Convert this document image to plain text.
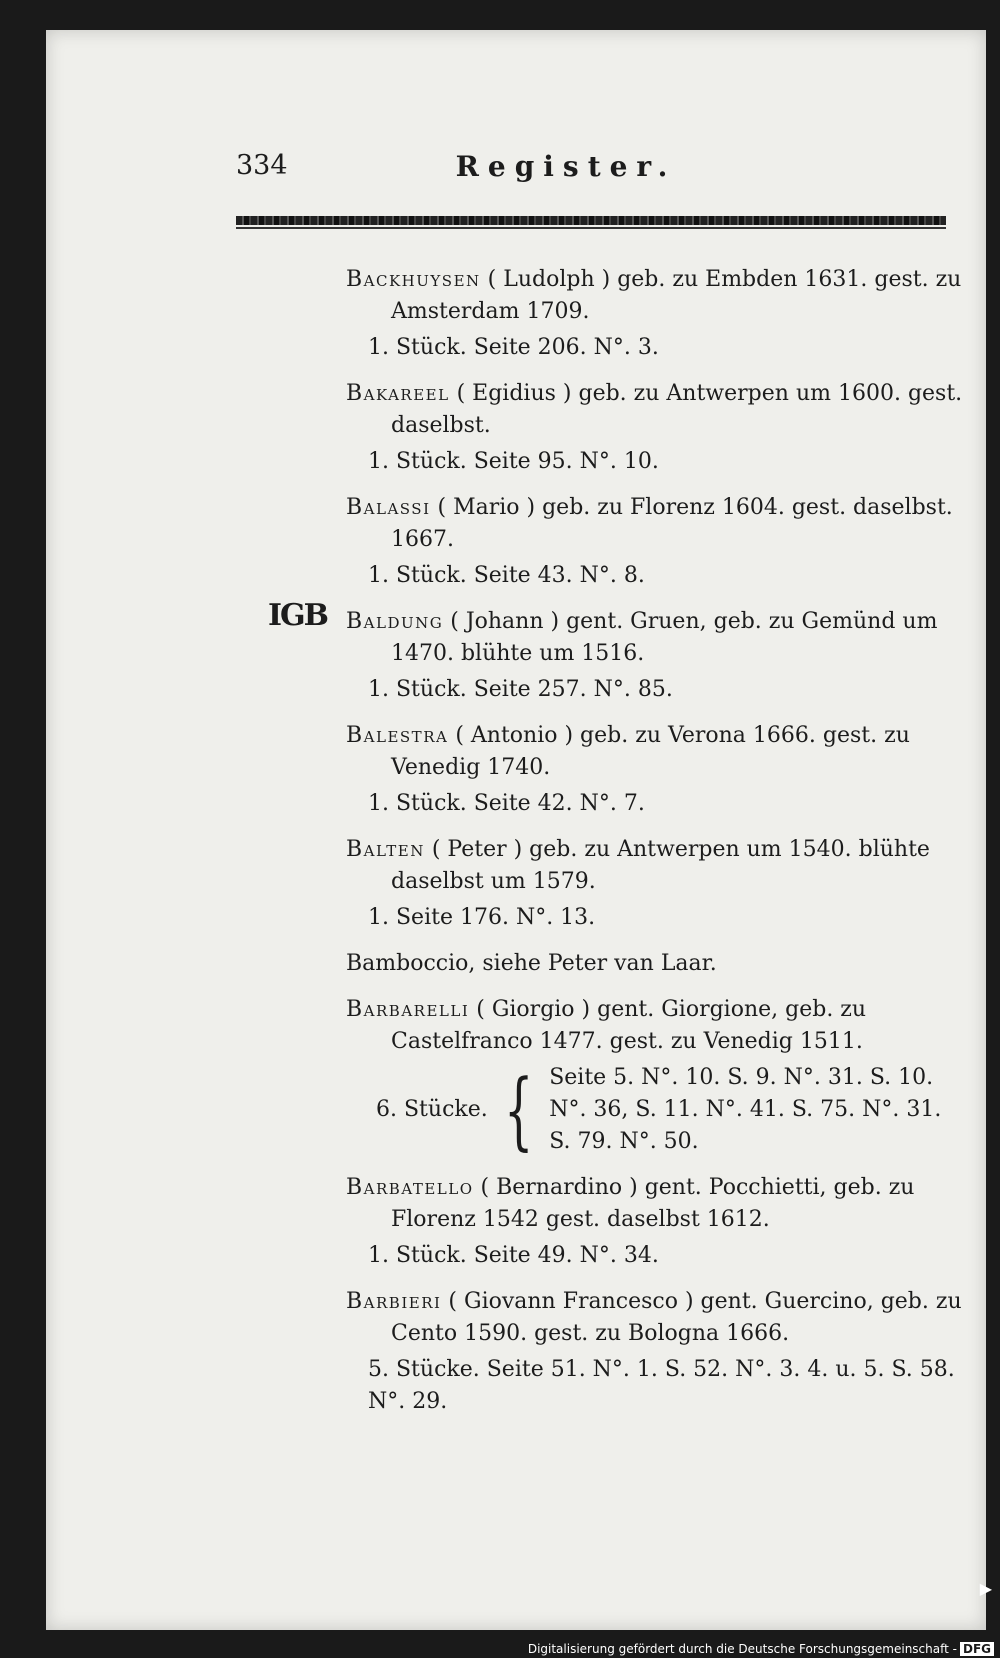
334	Register.
IGB

Backhuysen ( Ludolph ) geb. zu Embden 1631. gest. zu Amsterdam 1709.

1. Stück. Seite 206. N°. 3.

Bakareel ( Egidius ) geb. zu Antwerpen um 1600. gest. daselbst.

1. Stück. Seite 95. N°. 10.

Balassi ( Mario ) geb. zu Florenz 1604. gest. daselbst. 1667.

1. Stück. Seite 43. N°. 8.

Baldung ( Johann ) gent. Gruen, geb. zu Gemünd um 1470. blühte um 1516.

1. Stück. Seite 257. N°. 85.

Balestra ( Antonio ) geb. zu Verona 1666. gest. zu Venedig 1740.

1. Stück. Seite 42. N°. 7.

Balten ( Peter ) geb. zu Antwerpen um 1540. blühte daselbst um 1579.

1. Seite 176. N°. 13.

Bamboccio, siehe Peter van Laar.

Barbarelli ( Giorgio ) gent. Giorgione, geb. zu Castelfranco 1477. gest. zu Venedig 1511.

6. Stücke. { Seite 5. N°. 10. S. 9. N°. 31. S. 10.
N°. 36, S. 11. N°. 41. S. 75. N°. 31.
S. 79. N°. 50.

Barbatello ( Bernardino ) gent. Pocchietti, geb. zu Florenz 1542 gest. daselbst 1612.

1. Stück. Seite 49. N°. 34.

Barbieri ( Giovann Francesco ) gent. Guercino, geb. zu Cento 1590. gest. zu Bologna 1666.

5. Stücke. Seite 51. N°. 1. S. 52. N°. 3. 4. u. 5. S. 58. N°. 29.

▶
Digitalisierung gefördert durch die Deutsche Forschungsgemeinschaft - DFG
